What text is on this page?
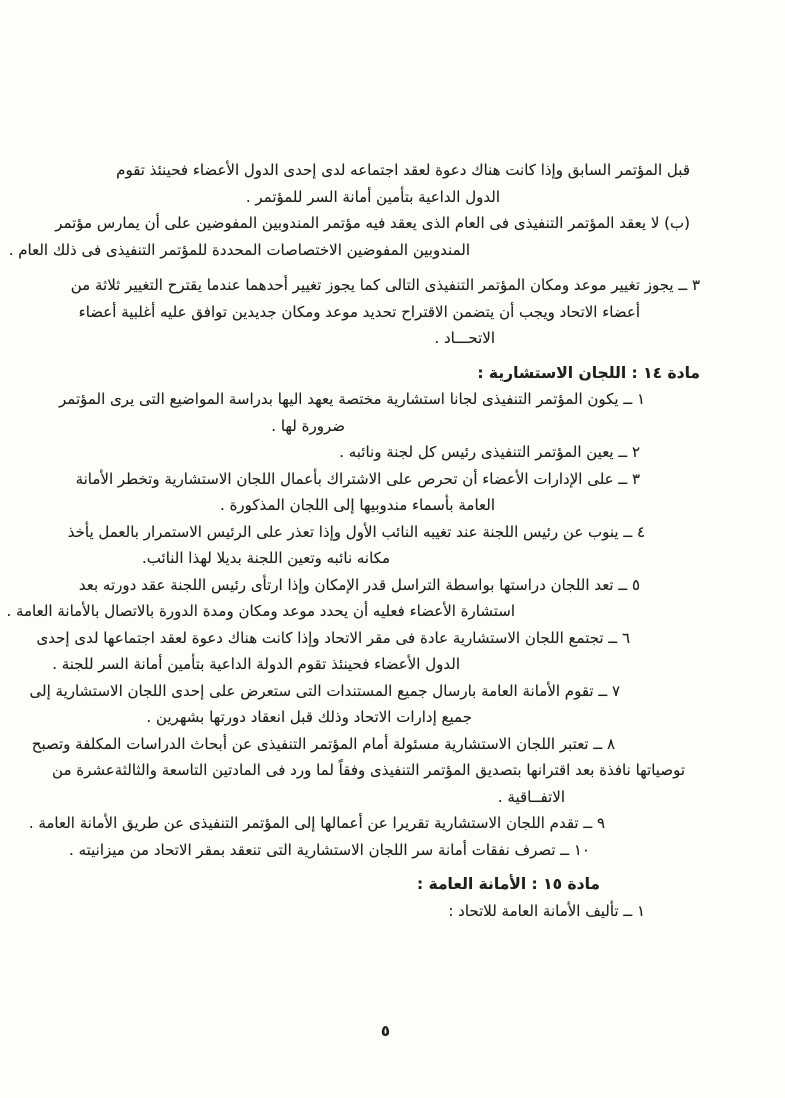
قبل المؤتمر السابق وإذا كانت هناك دعوة لعقد اجتماعه لدى إحدى الدول الأعضاء فحينئذ تقوم
الدول الداعية بتأمين أمانة السر للمؤتمر .
(ب) لا يعقد المؤتمر التنفيذى فى العام الذى يعقد فيه مؤتمر المندوبين المفوضين على أن يمارس مؤتمر
المندوبين المفوضين الاختصاصات المحددة للمؤتمر التنفيذى فى ذلك العام .
٣ ــ يجوز تغيير موعد ومكان المؤتمر التنفيذى التالى كما يجوز تغيير أحدهما عندما يقترح التغيير ثلاثة من
أعضاء الاتحاد ويجب أن يتضمن الاقتراح تحديد موعد ومكان جديدين توافق عليه أغلبية أعضاء
الاتحـــاد .
مادة ١٤ : اللجان الاستشارية :
١ ــ يكون المؤتمر التنفيذى لجانا استشارية مختصة يعهد اليها بدراسة المواضيع التى يرى المؤتمر
ضرورة لها .
٢ ــ يعين المؤتمر التنفيذى رئيس كل لجنة ونائبه .
٣ ــ على الإدارات الأعضاء أن تحرص على الاشتراك بأعمال اللجان الاستشارية وتخطر الأمانة
العامة بأسماء مندوبيها إلى اللجان المذكورة .
٤ ــ ينوب عن رئيس اللجنة عند تغيبه النائب الأول وإذا تعذر على الرئيس الاستمرار بالعمل يأخذ
مكانه نائبه وتعين اللجنة بديلا لهذا النائب.
٥ ــ تعد اللجان دراستها بواسطة التراسل قدر الإمكان وإذا ارتأى رئيس اللجنة عقد دورته بعد
استشارة الأعضاء فعليه أن يحدد موعد ومكان ومدة الدورة بالاتصال بالأمانة العامة .
٦ ــ تجتمع اللجان الاستشارية عادة فى مقر الاتحاد وإذا كانت هناك دعوة لعقد اجتماعها لدى إحدى
الدول الأعضاء فحينئذ تقوم الدولة الداعية بتأمين أمانة السر للجنة .
٧ ــ تقوم الأمانة العامة بارسال جميع المستندات التى ستعرض على إحدى اللجان الاستشارية إلى
جميع إدارات الاتحاد وذلك قبل انعقاد دورتها بشهرين .
٨ ــ تعتبر اللجان الاستشارية مسئولة أمام المؤتمر التنفيذى عن أبحاث الدراسات المكلفة وتصبح
توصياتها نافذة بعد اقترانها بتصديق المؤتمر التنفيذى وفقاً لما ورد فى المادتين التاسعة والثالثةعشرة من
الاتفــاقية .
٩ ــ تقدم اللجان الاستشارية تقريرا عن أعمالها إلى المؤتمر التنفيذى عن طريق الأمانة العامة .
١٠ ــ تصرف نفقات أمانة سر اللجان الاستشارية التى تنعقد بمقر الاتحاد من ميزانيته .
مادة ١٥ : الأمانة العامة :
١ ــ تأليف الأمانة العامة للاتحاد :
٥
